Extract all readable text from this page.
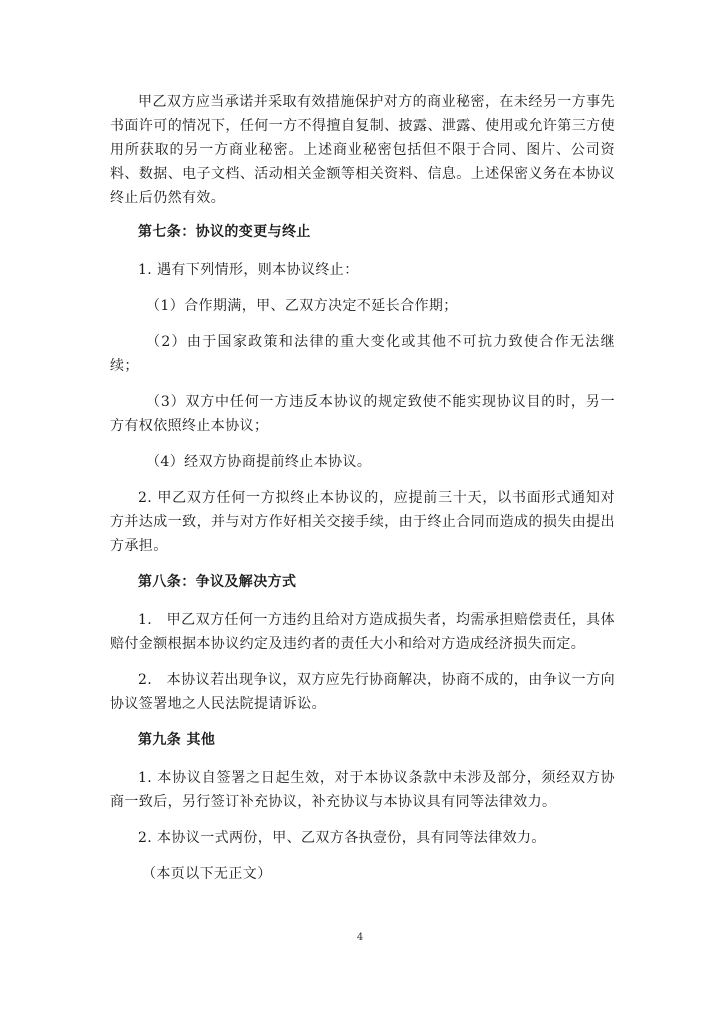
甲乙双方应当承诺并采取有效措施保护对方的商业秘密，在未经另一方事先书面许可的情况下，任何一方不得擅自复制、披露、泄露、使用或允许第三方使用所获取的另一方商业秘密。上述商业秘密包括但不限于合同、图片、公司资料、数据、电子文档、活动相关金额等相关资料、信息。上述保密义务在本协议终止后仍然有效。

第七条：协议的变更与终止

1. 遇有下列情形，则本协议终止：

（1）合作期满，甲、乙双方决定不延长合作期；

（2）由于国家政策和法律的重大变化或其他不可抗力致使合作无法继续；

（3）双方中任何一方违反本协议的规定致使不能实现协议目的时，另一方有权依照终止本协议；

（4）经双方协商提前终止本协议。

2. 甲乙双方任何一方拟终止本协议的，应提前三十天，以书面形式通知对方并达成一致，并与对方作好相关交接手续，由于终止合同而造成的损失由提出方承担。

第八条：争议及解决方式

1.　甲乙双方任何一方违约且给对方造成损失者，均需承担赔偿责任，具体赔付金额根据本协议约定及违约者的责任大小和给对方造成经济损失而定。

2.　本协议若出现争议，双方应先行协商解决，协商不成的，由争议一方向协议签署地之人民法院提请诉讼。

第九条 其他

1. 本协议自签署之日起生效，对于本协议条款中未涉及部分，须经双方协商一致后，另行签订补充协议，补充协议与本协议具有同等法律效力。

2. 本协议一式两份，甲、乙双方各执壹份，具有同等法律效力。

（本页以下无正文）

4
